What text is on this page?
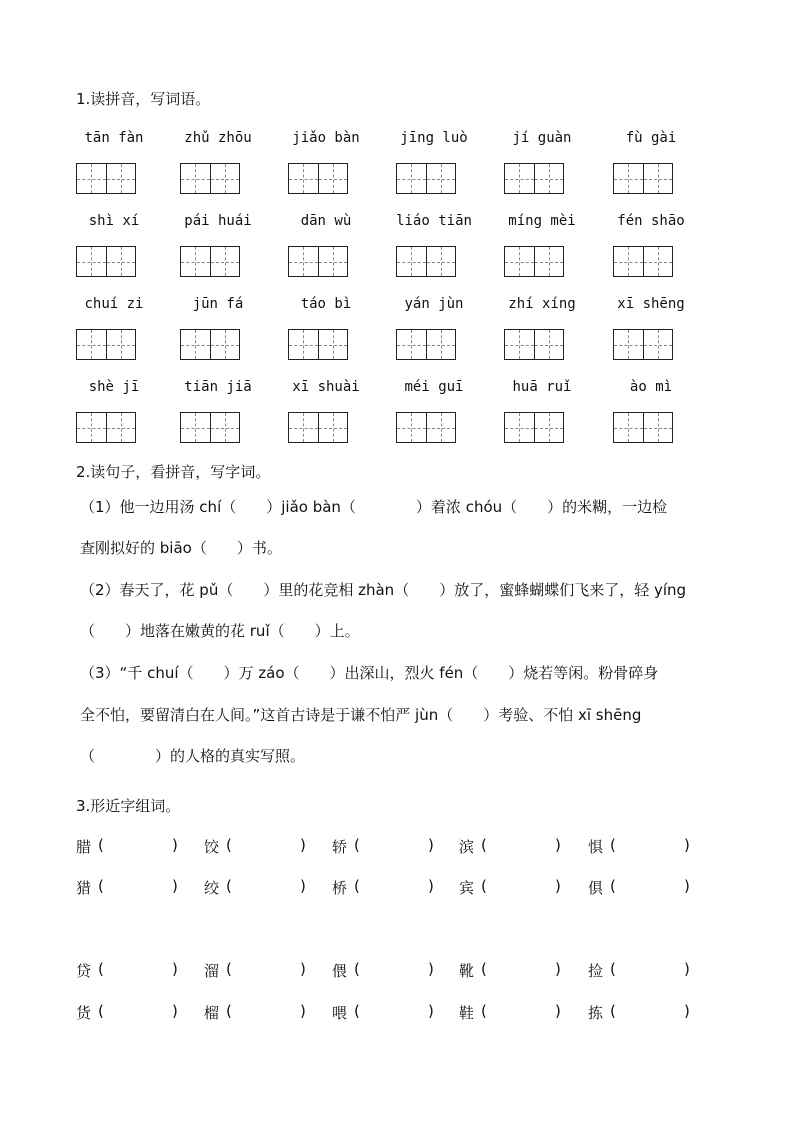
1.读拼音，写词语。
tān fàn	zhǔ zhōu	jiǎo bàn	jīng luò	jí guàn	fù gài
shì xí	pái huái	dān wù	liáo tiān	míng mèi	fén shāo
chuí zi	jūn fá	táo bì	yán jùn	zhí xíng	xī shēng
shè jī	tiān jiā	xī shuài	méi guī	huā ruǐ	ào mì
2.读句子，看拼音，写字词。
（1）他一边用汤 chí（　　）jiǎo bàn（　　　　）着浓 chóu（　　）的米糊，一边检
查刚拟好的 biāo（　　）书。
（2）春天了，花 pǔ（　　）里的花竞相 zhàn（　　）放了，蜜蜂蝴蝶们飞来了，轻 yíng
（　　）地落在嫩黄的花 ruǐ（　　）上。
（3）“千 chuí（　　）万 záo（　　）出深山，烈火 fén（　　）烧若等闲。粉骨碎身
全不怕，要留清白在人间。”这首古诗是于谦不怕严 jùn（　　）考验、不怕 xī shēng
（　　　　）的人格的真实写照。
3.形近字组词。
腊 (	) 饺 (	) 轿 (	) 滨 (	) 惧 (	)
猎 (	) 绞 (	) 桥 (	) 宾 (	) 俱 (	)
贷 (	) 溜 (	) 偎 (	) 靴 (	) 捡 (	)
货 (	) 榴 (	) 喂 (	) 鞋 (	) 拣 (	)
